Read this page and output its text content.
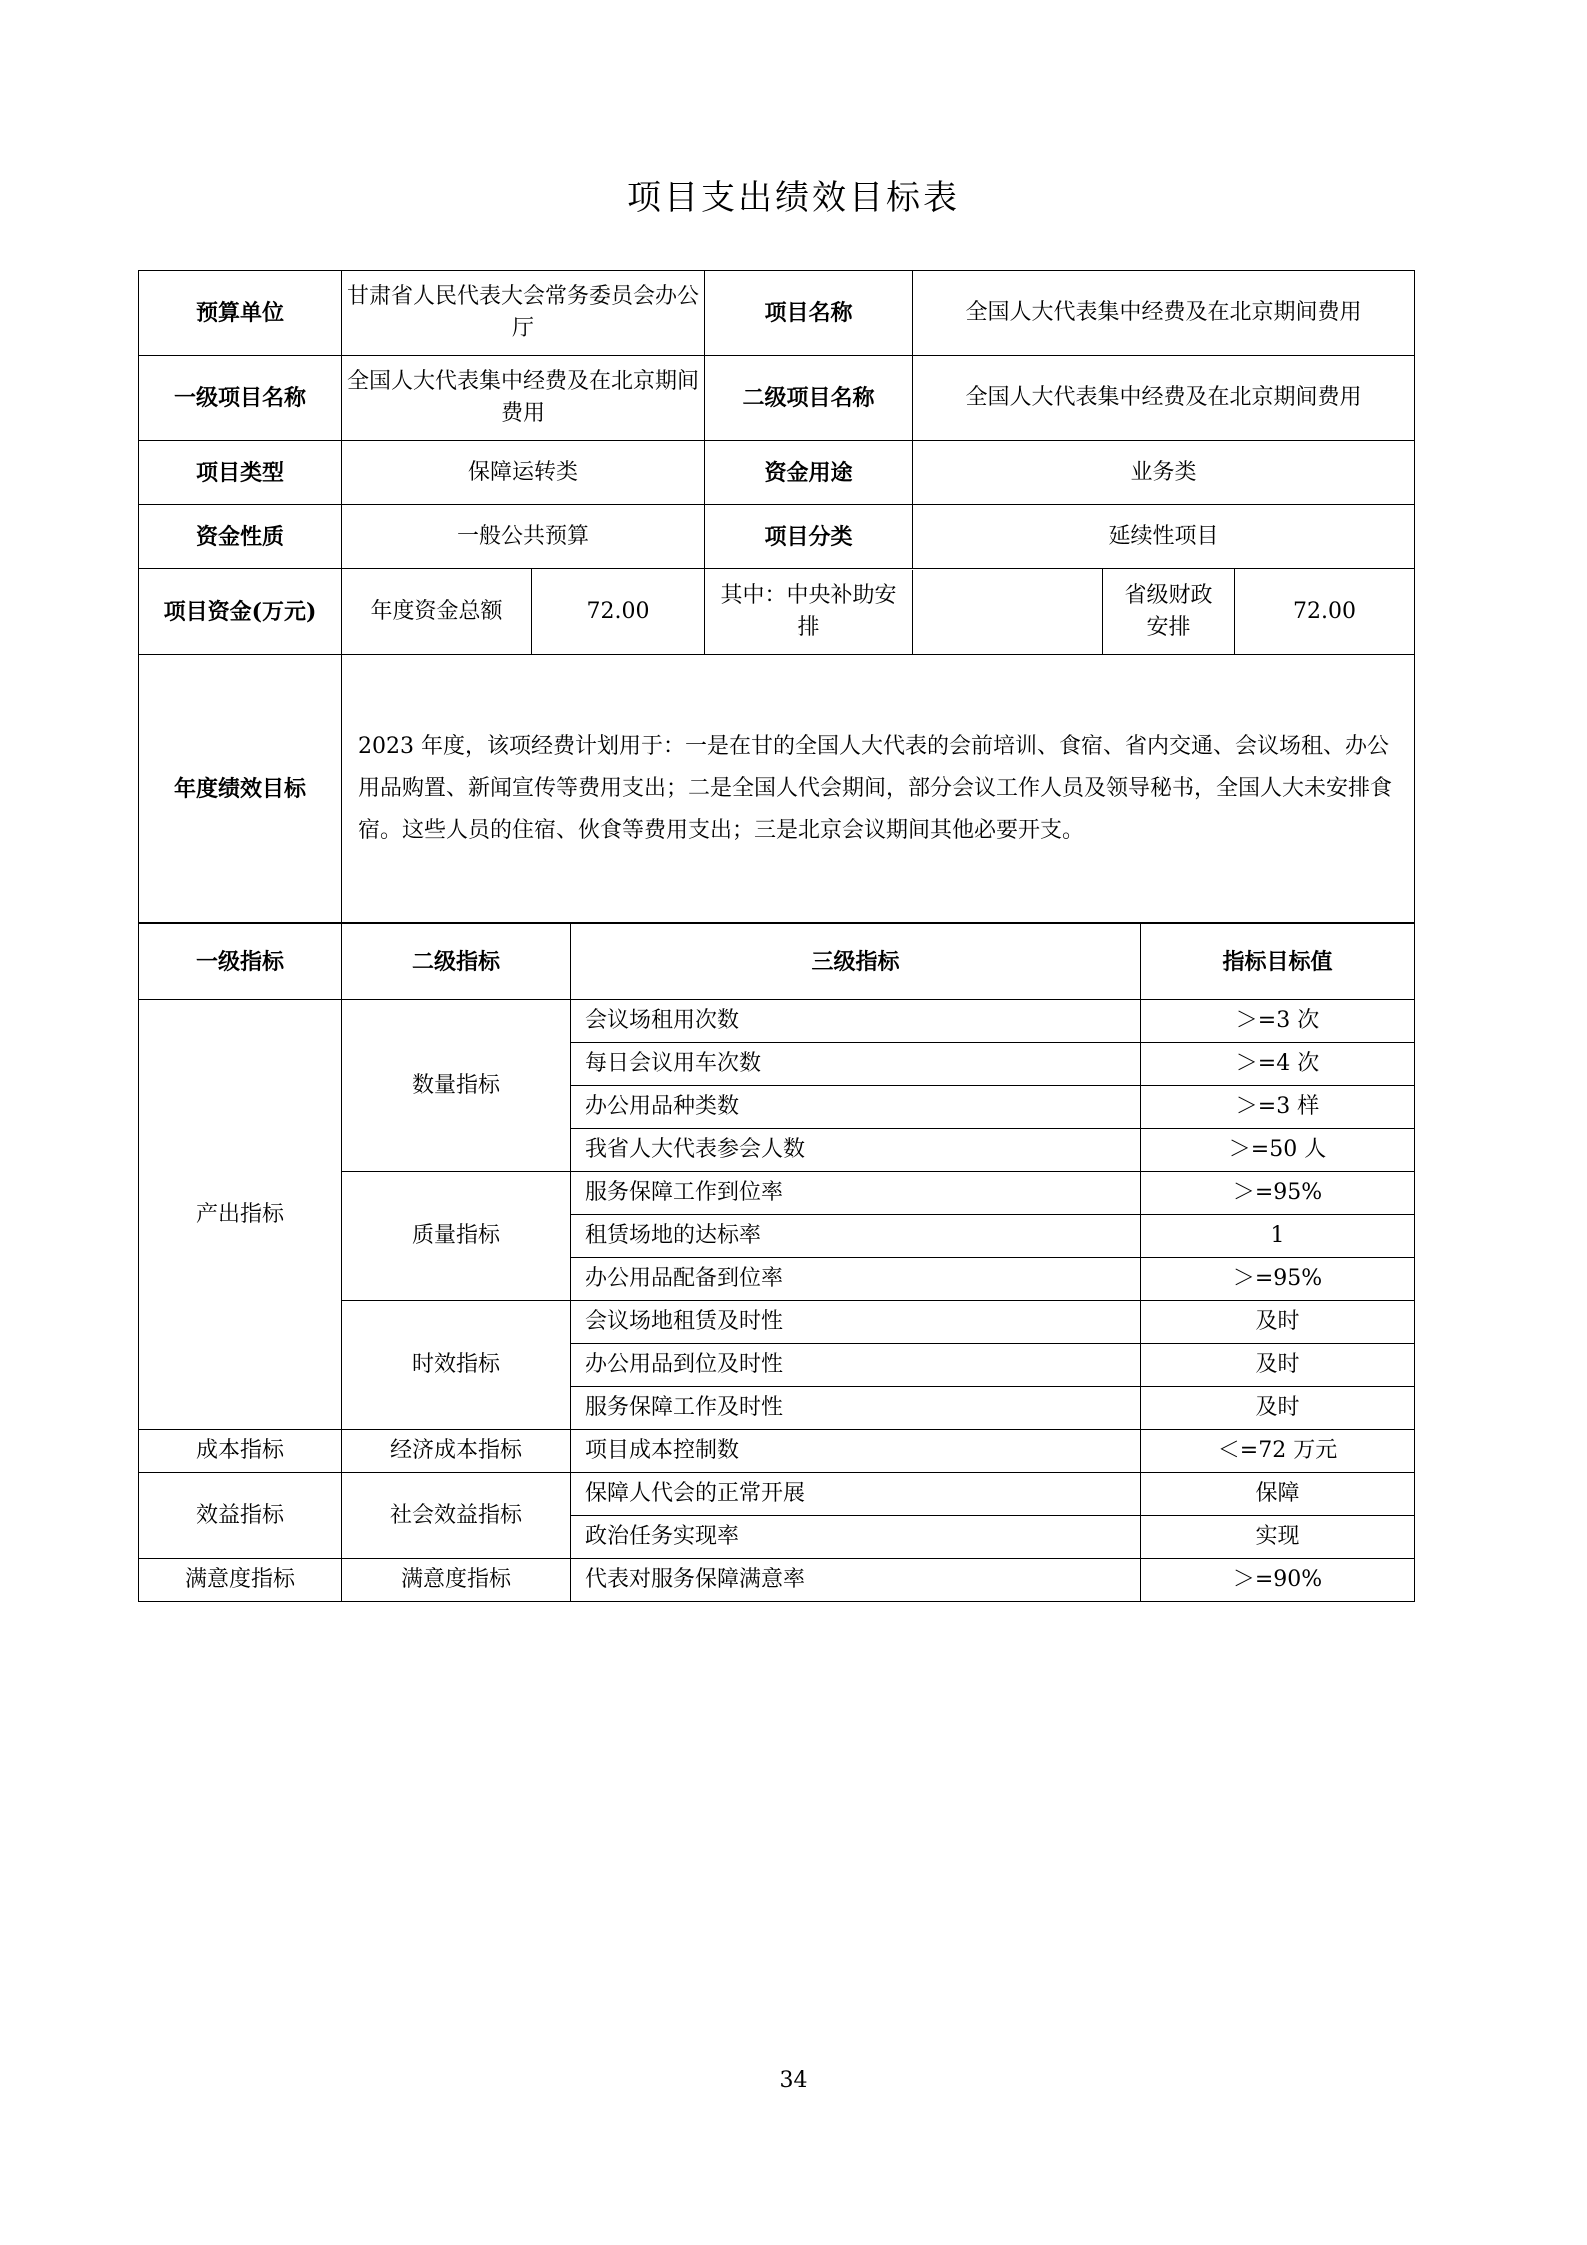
项目支出绩效目标表
预算单位	甘肃省人民代表大会常务委员会办公厅		项目名称	全国人大代表集中经费及在北京期间费用		
一级项目名称	全国人大代表集中经费及在北京期间费用		二级项目名称	全国人大代表集中经费及在北京期间费用		
项目类型	保障运转类		资金用途	业务类		
资金性质	一般公共预算		项目分类	延续性项目		
项目资金(万元)	年度资金总额	72.00	其中：中央补助安排		省级财政安排	72.00
年度绩效目标	2023 年度，该项经费计划用于：一是在甘的全国人大代表的会前培训、食宿、省内交通、会议场租、办公用品购置、新闻宣传等费用支出；二是全国人代会期间，部分会议工作人员及领导秘书，全国人大未安排食宿。这些人员的住宿、伙食等费用支出；三是北京会议期间其他必要开支。					
一级指标	二级指标	三级指标	指标目标值
产出指标	数量指标	会议场租用次数	＞=3 次
		每日会议用车次数	＞=4 次
		办公用品种类数	＞=3 样
		我省人大代表参会人数	＞=50 人
	质量指标	服务保障工作到位率	＞=95%
		租赁场地的达标率	1
		办公用品配备到位率	＞=95%
	时效指标	会议场地租赁及时性	及时
		办公用品到位及时性	及时
		服务保障工作及时性	及时
成本指标	经济成本指标	项目成本控制数	＜=72 万元
效益指标	社会效益指标	保障人代会的正常开展	保障
		政治任务实现率	实现
满意度指标	满意度指标	代表对服务保障满意率	＞=90%
34
